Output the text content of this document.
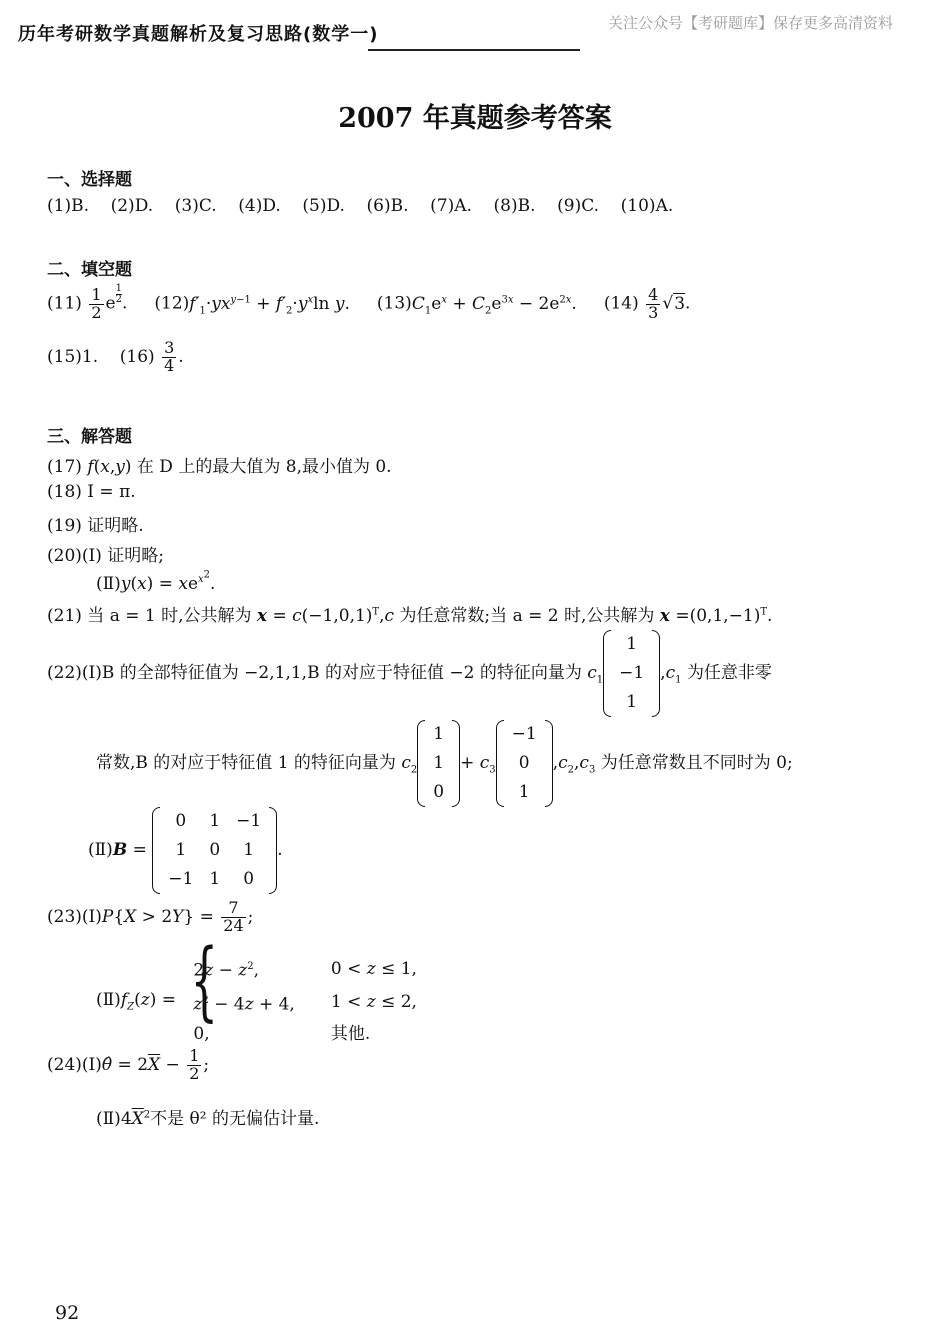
历年考研数学真题解析及复习思路(数学一)
关注公众号【考研题库】保存更多高清资料
2007 年真题参考答案
一、选择题
(1)B. (2)D. (3)C. (4)D. (5)D. (6)B. (7)A. (8)B. (9)C. (10)A.
二、填空题
$(11) \frac{1}{2}$ e $\frac{1}{2}$ .     $(12)f'_1\cdot yx^{y-1} + f'_2\cdot y^x\ln$ y. $(13)C_1e^x + C_2e^{3x} - 2e^{2x}$. $(14) \frac{4}{3} √3$.
(15)1. $(16) \frac{3}{4}$ .
三、解答题
(17) f(x,y) 在 D 上的最大值为 8,最小值为 0.
(18) I = π.
(19) 证明略.
(20)(Ⅰ) 证明略;
(Ⅱ)y(x) = $xe^{x^2}$.
(21) 当 a = 1 时,公共解为 $x = c(-1,0,1)^T,c$ 为任意常数;当 a = 2 时,公共解为 $x =(0,1,-1)^T$.
(22)(Ⅰ)B 的全部特征值为 −2,1,1,B 的对应于特征值 −2 的特征向量为 $c_1$
1
−1
1
$,c_1$ 为任意非零
常数,B 的对应于特征值 1 的特征向量为 $c_2$
1
1
0
+ $c_3$
−1
0
1
$,c_2,c_3$ 为任意常数且不同时为 0;
(Ⅱ)B =
0	1	−1
1	0	1
−1	1	0
.
(23)(Ⅰ)P{X > $2Y\} = \frac{7}{24}$ ;
$(Ⅱ)f_Z(z)$ =
{ $2z - z^2$,	0 < z ≤ 1,
$z^2 - 4z + 4$,	1 < z ≤ 2,
0,	其他.
(24)(Ⅰ)θ̂ = $2\overline{X} - \frac{1}{2}$ ;
$(Ⅱ)4\overline{X}^2$不是 θ² 的无偏估计量.
92
